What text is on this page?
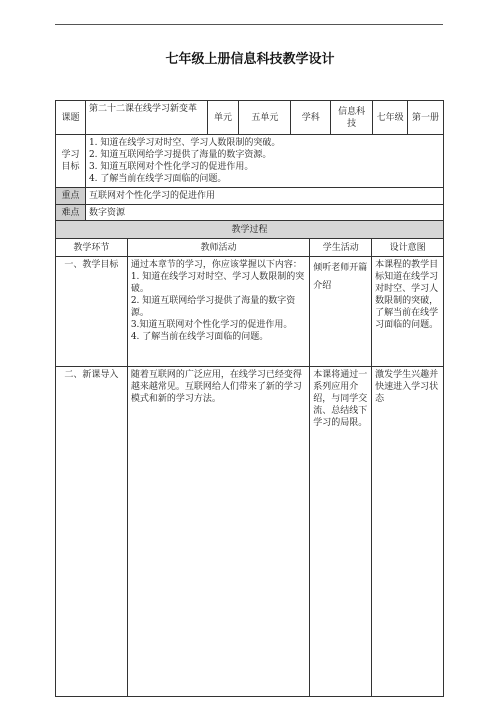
七年级上册信息科技教学设计
课题	第二十二课在线学习新变革	单元	五单元	学科	信息科技	七年级	第一册
学习目标	1. 知道在线学习对时空、学习人数限制的突破。

2. 知道互联网给学习提供了海量的数字资源。

3. 知道互联网对个性化学习的促进作用。

4. 了解当前在线学习面临的问题。						

重点	互联网对个性化学习的促进作用						
难点	数字资源						
教学过程			
教学环节	教师活动	学生活动	设计意图
一、教学目标	通过本章节的学习，你应该掌握以下内容：

1. 知道在线学习对时空、学习人数限制的突破。

2. 知道互联网给学习提供了海量的数字资源。

3.知道互联网对个性化学习的促进作用。

4. 了解当前在线学习面临的问题。	倾听老师开篇介绍	本课程的教学目标知道在线学习对时空、学习人数限制的突破，了解当前在线学习面临的问题。
二、新课导入	随着互联网的广泛应用，在线学习已经变得越来越常见。互联网给人们带来了新的学习模式和新的学习方法。	本课将通过一系列应用介绍，与同学交流、总结线下学习的局限。	激发学生兴趣并快速进入学习状态
